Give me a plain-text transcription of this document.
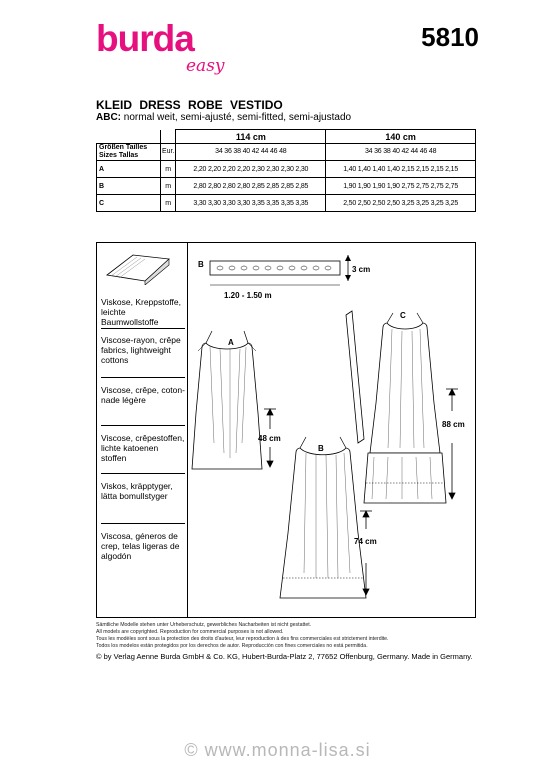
burda
easy
5810
KLEID DRESS ROBE VESTIDO
ABC: normal weit, semi-ajusté, semi-fitted, semi-ajustado
		114 cm	140 cm
Größen Tailles
Sizes Tallas	Eur.	34 36 38 40 42 44 46 48	34 36 38 40 42 44 46 48
A	m	2,20 2,20 2,20 2,20 2,30 2,30 2,30 2,30	1,40 1,40 1,40 1,40 2,15 2,15 2,15 2,15
B	m	2,80 2,80 2,80 2,80 2,85 2,85 2,85 2,85	1,90 1,90 1,90 1,90 2,75 2,75 2,75 2,75
C	m	3,30 3,30 3,30 3,30 3,35 3,35 3,35 3,35	2,50 2,50 2,50 2,50 3,25 3,25 3,25 3,25
Viskose, Kreppstoffe, leichte Baumwollstoffe
Viscose-rayon, crêpe fabrics, lightweight cottons
Viscose, crêpe, coton-nade légère
Viscose, crêpestoffen, lichte katoenen stoffen
Viskos, kräpptyger, lätta bomullstyger
Viscosa, géneros de crep, telas ligeras de algodón
B
3 cm
1.20 - 1.50 m
A
48 cm
B
74 cm
C
88 cm
Sämtliche Modelle stehen unter Urheberschutz, gewerbliches Nacharbeiten ist nicht gestattet.
All models are copyrighted. Reproduction for commercial purposes is not allowed.
Tous les modèles sont sous la protection des droits d'auteur, leur reproduction à des fins commerciales est strictement interdite.
Todos los modelos están protegidos por los derechos de autor. Reproducción con fines comerciales no está permitida.
© by Verlag Aenne Burda GmbH & Co. KG, Hubert-Burda-Platz 2, 77652 Offenburg, Germany. Made in Germany.
© www.monna-lisa.si
